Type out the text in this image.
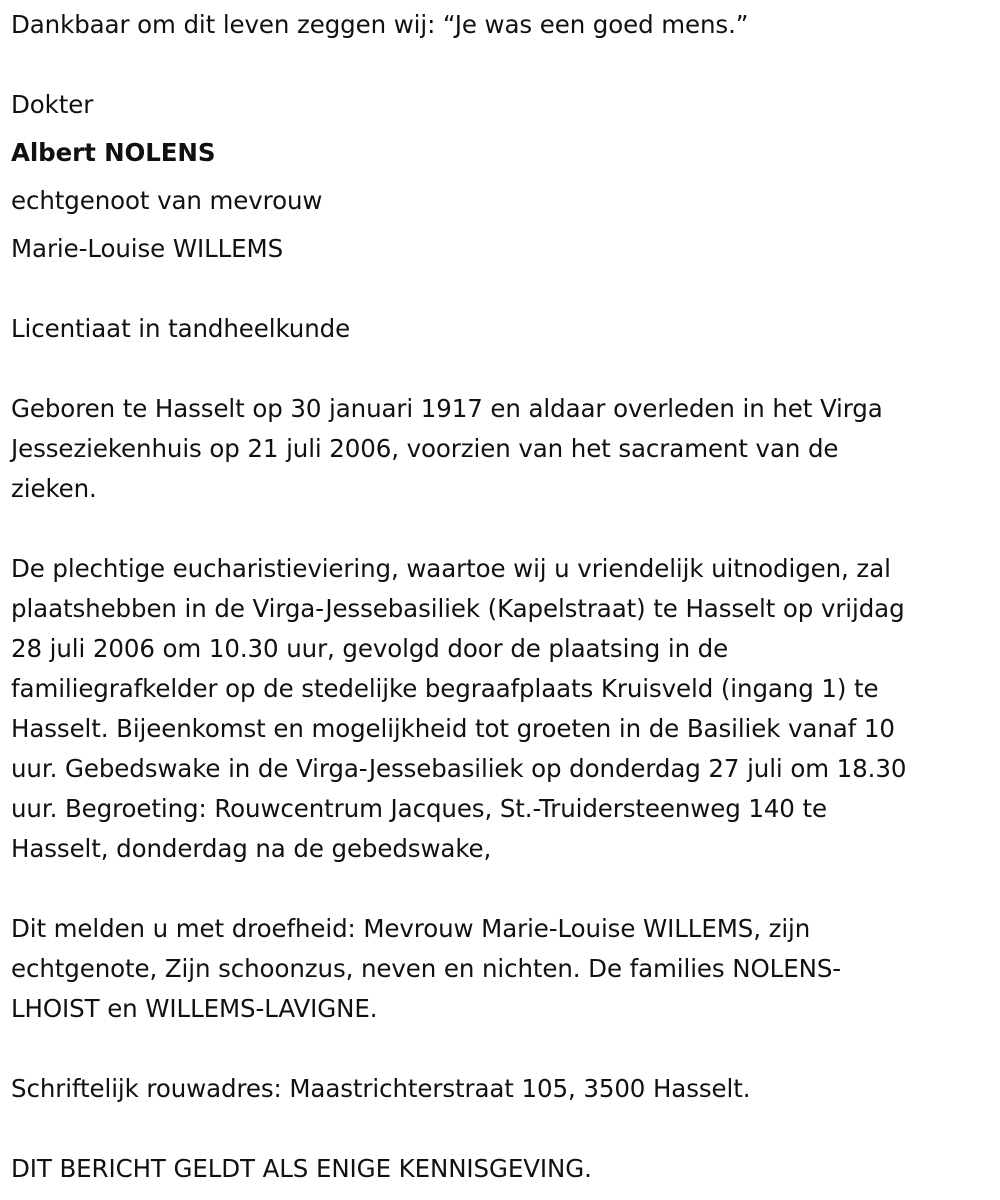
Dankbaar om dit leven zeggen wij: “Je was een goed mens.”
Dokter
Albert NOLENS
echtgenoot van mevrouw
Marie-Louise WILLEMS
Licentiaat in tandheelkunde
Geboren te Hasselt op 30 januari 1917 en aldaar overleden in het Virga
Jesseziekenhuis op 21 juli 2006, voorzien van het sacrament van de
zieken.
De plechtige eucharistieviering, waartoe wij u vriendelijk uitnodigen, zal
plaatshebben in de Virga-Jessebasiliek (Kapelstraat) te Hasselt op vrijdag
28 juli 2006 om 10.30 uur, gevolgd door de plaatsing in de
familiegrafkelder op de stedelijke begraafplaats Kruisveld (ingang 1) te
Hasselt. Bijeenkomst en mogelijkheid tot groeten in de Basiliek vanaf 10
uur. Gebedswake in de Virga-Jessebasiliek op donderdag 27 juli om 18.30
uur. Begroeting: Rouwcentrum Jacques, St.-Truidersteenweg 140 te
Hasselt, donderdag na de gebedswake,
Dit melden u met droefheid: Mevrouw Marie-Louise WILLEMS, zijn
echtgenote, Zijn schoonzus, neven en nichten. De families NOLENS-
LHOIST en WILLEMS-LAVIGNE.
Schriftelijk rouwadres: Maastrichterstraat 105, 3500 Hasselt.
DIT BERICHT GELDT ALS ENIGE KENNISGEVING.
